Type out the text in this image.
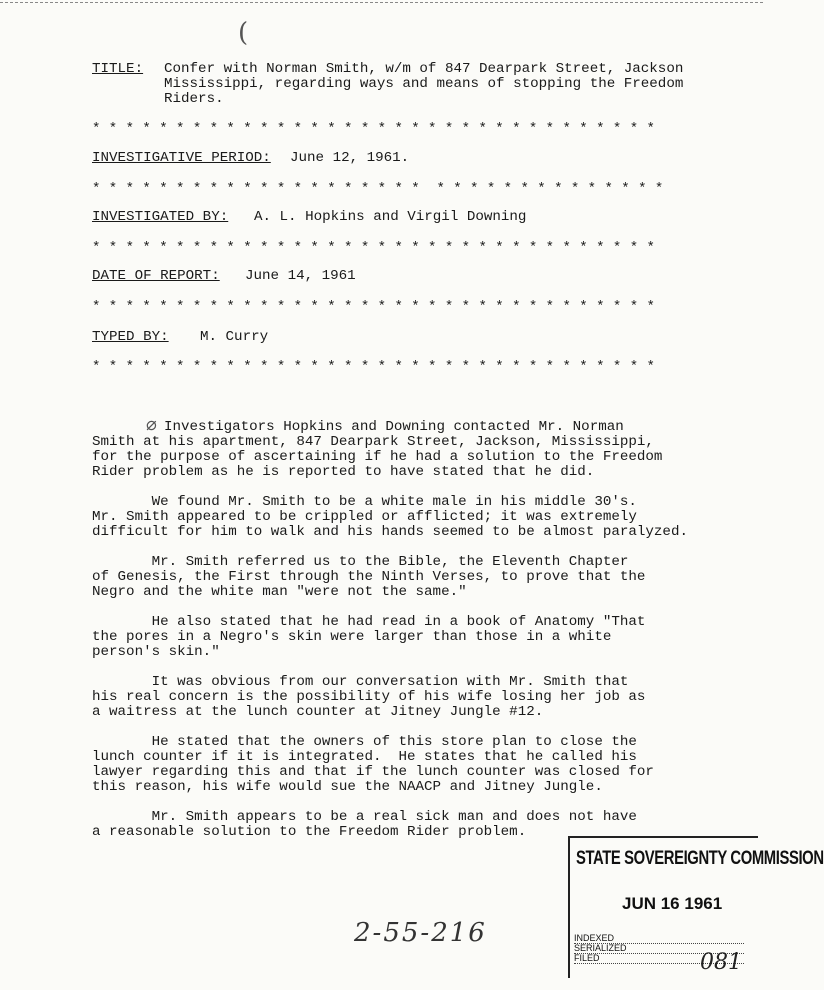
(
TITLE: Confer with Norman Smith, w/m of 847 Dearpark Street, Jackson
Mississippi, regarding ways and means of stopping the Freedom
Riders.
* * * * * * * * * * * * * * * * * * * * * * * * * * * * * * * * * *
INVESTIGATIVE PERIOD: June 12, 1961.
* * * * * * * * * * * * * * * * * * * *  * * * * * * * * * * * * * *
INVESTIGATED BY: A. L. Hopkins and Virgil Downing
* * * * * * * * * * * * * * * * * * * * * * * * * * * * * * * * * *
DATE OF REPORT: June 14, 1961
* * * * * * * * * * * * * * * * * * * * * * * * * * * * * * * * * *
TYPED BY: M. Curry
* * * * * * * * * * * * * * * * * * * * * * * * * * * * * * * * * *
⌀ Investigators Hopkins and Downing contacted Mr. Norman
Smith at his apartment, 847 Dearpark Street, Jackson, Mississippi,
for the purpose of ascertaining if he had a solution to the Freedom
Rider problem as he is reported to have stated that he did.
We found Mr. Smith to be a white male in his middle 30's.
Mr. Smith appeared to be crippled or afflicted; it was extremely
difficult for him to walk and his hands seemed to be almost paralyzed.
Mr. Smith referred us to the Bible, the Eleventh Chapter
of Genesis, the First through the Ninth Verses, to prove that the
Negro and the white man "were not the same."
He also stated that he had read in a book of Anatomy "That
the pores in a Negro's skin were larger than those in a white
person's skin."
It was obvious from our conversation with Mr. Smith that
his real concern is the possibility of his wife losing her job as
a waitress at the lunch counter at Jitney Jungle #12.
He stated that the owners of this store plan to close the
lunch counter if it is integrated.  He states that he called his
lawyer regarding this and that if the lunch counter was closed for
this reason, his wife would sue the NAACP and Jitney Jungle.
Mr. Smith appears to be a real sick man and does not have
a reasonable solution to the Freedom Rider problem.
STATE SOVEREIGNTY COMMISSION
JUN 16 1961
INDEXED
SERIALIZED
FILED	081
2-55-216
